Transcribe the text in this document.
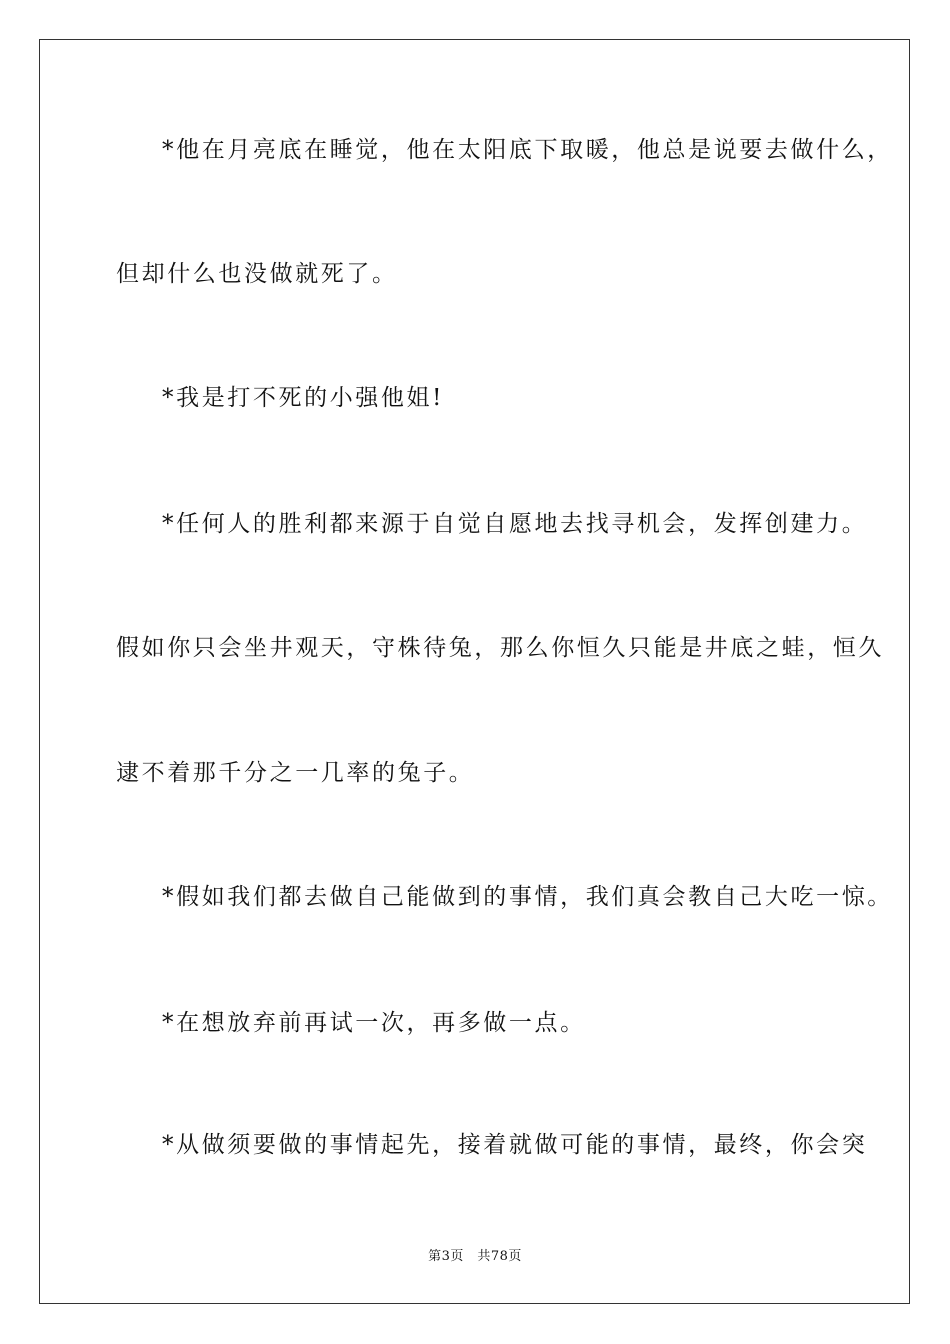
*他在月亮底在睡觉，他在太阳底下取暖，他总是说要去做什么，
但却什么也没做就死了。
*我是打不死的小强他姐!
*任何人的胜利都来源于自觉自愿地去找寻机会，发挥创建力。
假如你只会坐井观天，守株待兔，那么你恒久只能是井底之蛙，恒久
逮不着那千分之一几率的兔子。
*假如我们都去做自己能做到的事情，我们真会教自己大吃一惊。
*在想放弃前再试一次，再多做一点。
*从做须要做的事情起先，接着就做可能的事情，最终，你会突
第3页　共78页
